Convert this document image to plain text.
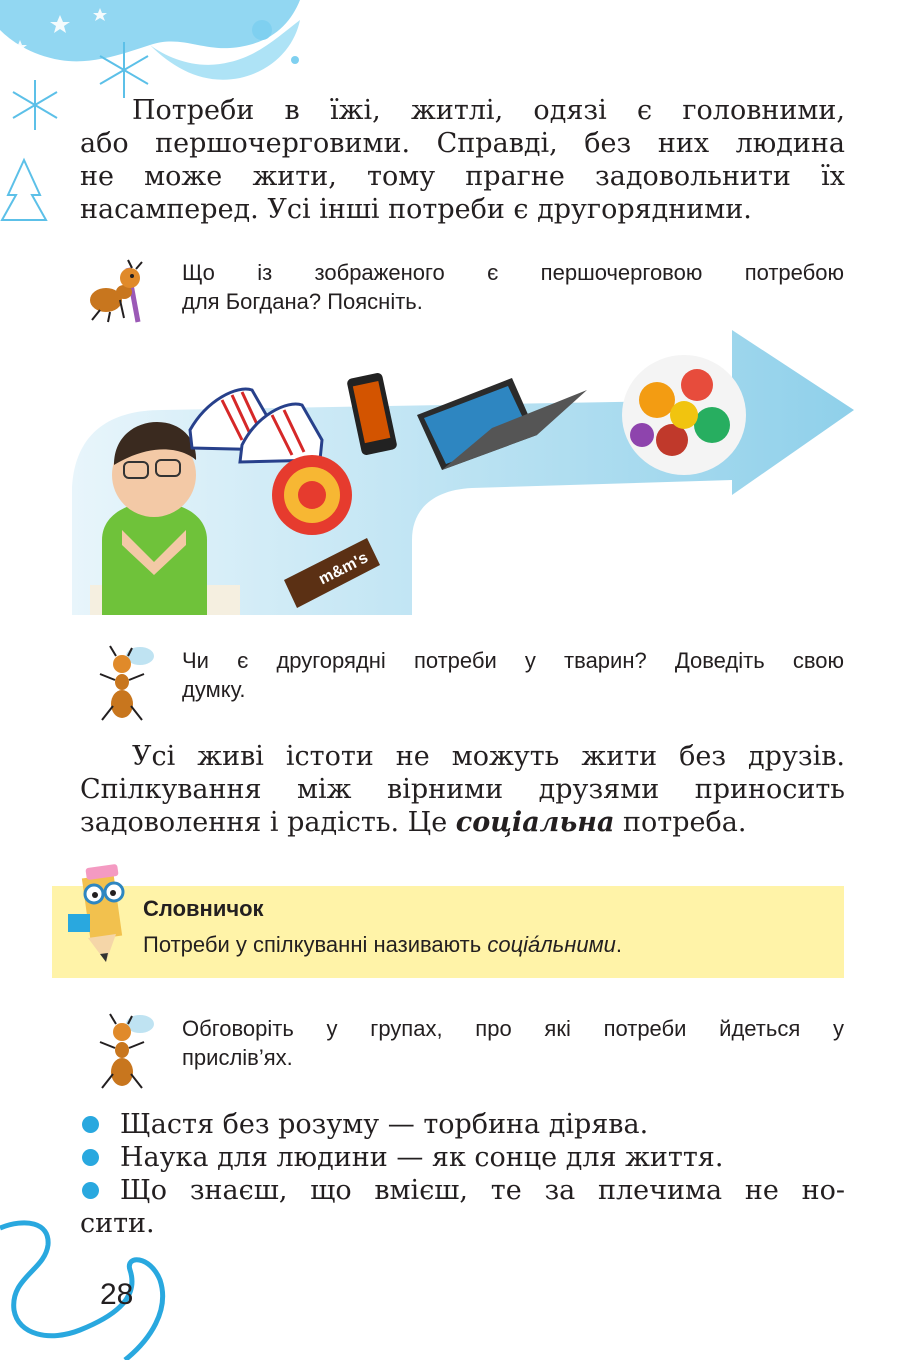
Потреби в їжі, житлі, одязі є головними,
або першочерговими. Справді, без них людина
не може жити, тому прагне задовольнити їх
насамперед. Усі інші потреби є другорядними.

Що із зображеного є першочерговою потребою
для Богдана? Поясніть.

m&m's

Чи є другорядні потреби у тварин? Доведіть свою
думку.

Усі живі істоти не можуть жити без друзів.
Спілкування між вірними друзями приносить
задоволення і радість. Це соціальна потреба.

Словничок
Потреби у спілкуванні називають соціа́льними.

Обговоріть у групах, про які потреби йдеться у
прислів’ях.

Щастя без розуму — торбина дірява.
Наука для людини — як сонце для життя.
Що знаєш, що вмієш, те за плечима не но-
сити.
28
